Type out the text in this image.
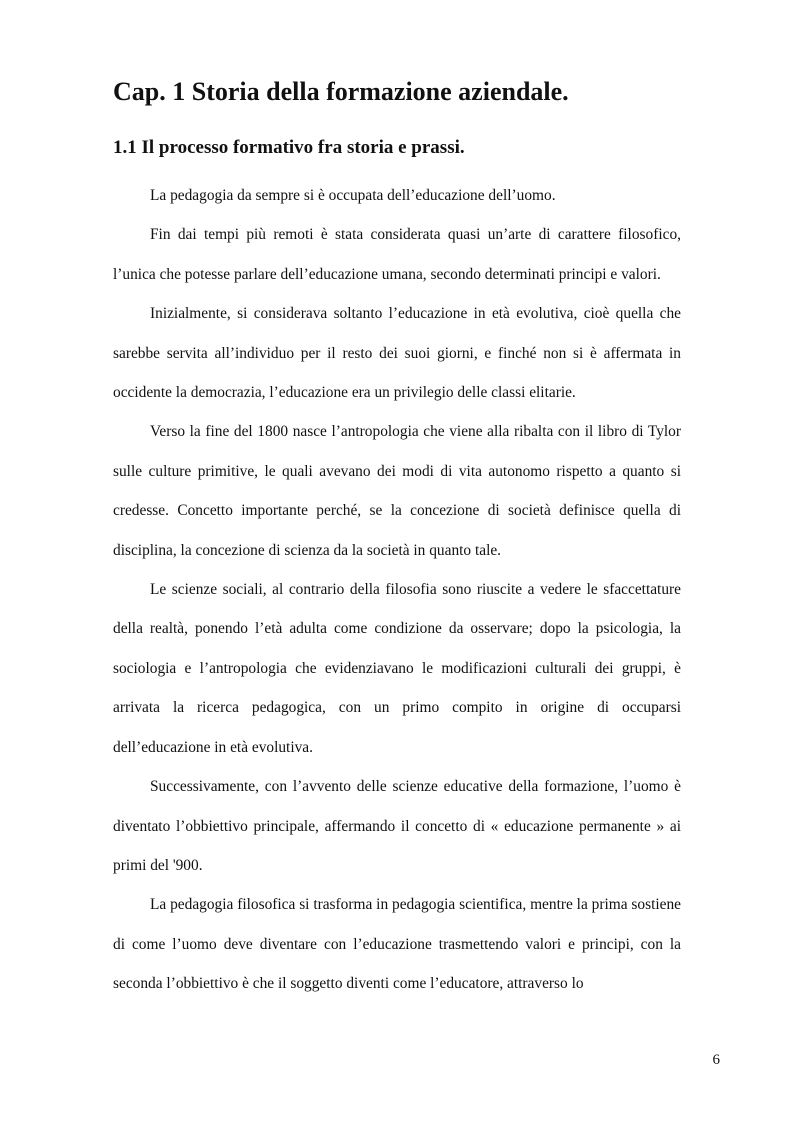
Cap. 1 Storia della formazione aziendale.
1.1 Il processo formativo fra storia e prassi.

La pedagogia da sempre si è occupata dell’educazione dell’uomo.

Fin dai tempi più remoti è stata considerata quasi un’arte di carattere filosofico, l’unica che potesse parlare dell’educazione umana, secondo determinati principi e valori.

Inizialmente, si considerava soltanto l’educazione in età evolutiva, cioè quella che sarebbe servita all’individuo per il resto dei suoi giorni, e finché non si è affermata in occidente la democrazia, l’educazione era un privilegio delle classi elitarie.

Verso la fine del 1800 nasce l’antropologia che viene alla ribalta con il libro di Tylor sulle culture primitive, le quali avevano dei modi di vita autonomo rispetto a quanto si credesse. Concetto importante perché, se la concezione di società definisce quella di disciplina, la concezione di scienza da la società in quanto tale.

Le scienze sociali, al contrario della filosofia sono riuscite a vedere le sfaccettature della realtà, ponendo l’età adulta come condizione da osservare; dopo la psicologia, la sociologia e l’antropologia che evidenziavano le modificazioni culturali dei gruppi, è arrivata la ricerca pedagogica, con un primo compito in origine di occuparsi dell’educazione in età evolutiva.

Successivamente, con l’avvento delle scienze educative della formazione, l’uomo è diventato l’obbiettivo principale, affermando il concetto di « educazione permanente » ai primi del '900.

La pedagogia filosofica si trasforma in pedagogia scientifica, mentre la prima sostiene di come l’uomo deve diventare con l’educazione trasmettendo valori e principi, con la seconda l’obbiettivo è che il soggetto diventi come l’educatore, attraverso lo

6
